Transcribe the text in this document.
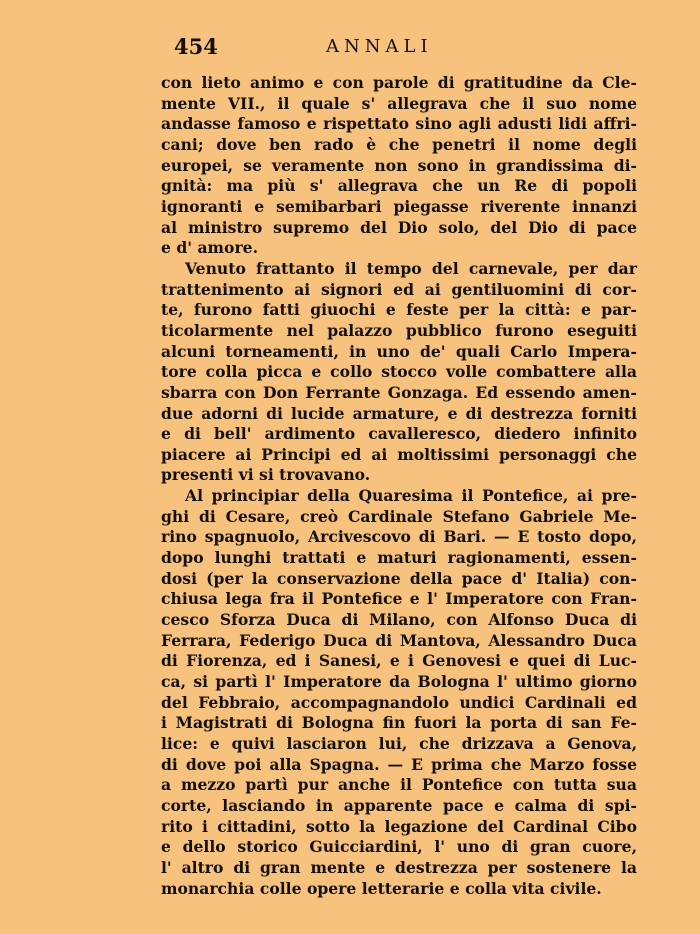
454	ANNALI
con lieto animo e con parole di gratitudine da Cle-
mente VII., il quale s' allegrava che il suo nome
andasse famoso e rispettato sino agli adusti lidi affri-
cani; dove ben rado è che penetri il nome degli
europei, se veramente non sono in grandissima di-
gnità: ma più s' allegrava che un Re di popoli
ignoranti e semibarbari piegasse riverente innanzi
al ministro supremo del Dio solo, del Dio di pace
e d' amore.
Venuto frattanto il tempo del carnevale, per dar
trattenimento ai signori ed ai gentiluomini di cor-
te, furono fatti giuochi e feste per la città: e par-
ticolarmente nel palazzo pubblico furono eseguiti
alcuni torneamenti, in uno de' quali Carlo Impera-
tore colla picca e collo stocco volle combattere alla
sbarra con Don Ferrante Gonzaga. Ed essendo amen-
due adorni di lucide armature, e di destrezza forniti
e di bell' ardimento cavalleresco, diedero infinito
piacere ai Principi ed ai moltissimi personaggi che
presenti vi si trovavano.
Al principiar della Quaresima il Pontefice, ai pre-
ghi di Cesare, creò Cardinale Stefano Gabriele Me-
rino spagnuolo, Arcivescovo di Bari. — E tosto dopo,
dopo lunghi trattati e maturi ragionamenti, essen-
dosi (per la conservazione della pace d' Italia) con-
chiusa lega fra il Pontefice e l' Imperatore con Fran-
cesco Sforza Duca di Milano, con Alfonso Duca di
Ferrara, Federigo Duca di Mantova, Alessandro Duca
di Fiorenza, ed i Sanesi, e i Genovesi e quei di Luc-
ca, si partì l' Imperatore da Bologna l' ultimo giorno
del Febbraio, accompagnandolo undici Cardinali ed
i Magistrati di Bologna fin fuori la porta di san Fe-
lice: e quivi lasciaron lui, che drizzava a Genova,
di dove poi alla Spagna. — E prima che Marzo fosse
a mezzo partì pur anche il Pontefice con tutta sua
corte, lasciando in apparente pace e calma di spi-
rito i cittadini, sotto la legazione del Cardinal Cibo
e dello storico Guicciardini, l' uno di gran cuore,
l' altro di gran mente e destrezza per sostenere la
monarchia colle opere letterarie e colla vita civile.
